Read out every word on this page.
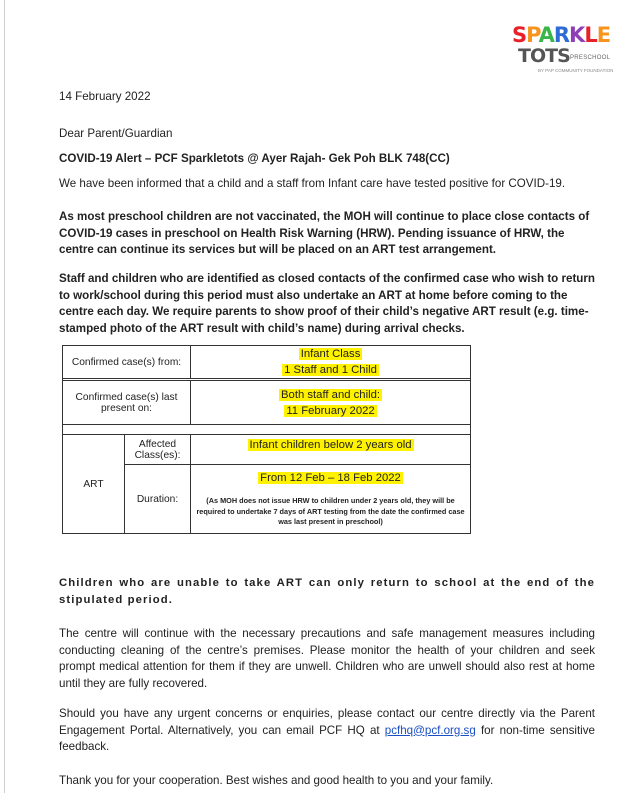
SPARKLE
TOTS PRESCHOOL
BY PAP COMMUNITY FOUNDATION
14 February 2022
Dear Parent/Guardian
COVID-19 Alert – PCF Sparkletots @ Ayer Rajah- Gek Poh BLK 748(CC)
We have been informed that a child and a staff from Infant care have tested positive for COVID-19.
As most preschool children are not vaccinated, the MOH will continue to place close contacts of COVID-19 cases in preschool on Health Risk Warning (HRW). Pending issuance of HRW, the centre can continue its services but will be placed on an ART test arrangement.
Staff and children who are identified as closed contacts of the confirmed case who wish to return to work/school during this period must also undertake an ART at home before coming to the centre each day. We require parents to show proof of their child’s negative ART result (e.g. time-stamped photo of the ART result with child’s name) during arrival checks.
Confirmed case(s) from:		Infant Class
1 Staff and 1 Child

Confirmed case(s) last present on:		Both staff and child:
11 February 2022

ART	Affected Class(es):	Infant children below 2 years old
	Duration:	From 12 Feb – 18 Feb 2022
(As MOH does not issue HRW to children under 2 years old, they will be required to undertake 7 days of ART testing from the date the confirmed case was last present in preschool)
Children who are unable to take ART can only return to school at the end of the stipulated period.
The centre will continue with the necessary precautions and safe management measures including conducting cleaning of the centre’s premises. Please monitor the health of your children and seek prompt medical attention for them if they are unwell. Children who are unwell should also rest at home until they are fully recovered.
Should you have any urgent concerns or enquiries, please contact our centre directly via the Parent Engagement Portal. Alternatively, you can email PCF HQ at pcfhq@pcf.org.sg for non-time sensitive feedback.
Thank you for your cooperation. Best wishes and good health to you and your family.
